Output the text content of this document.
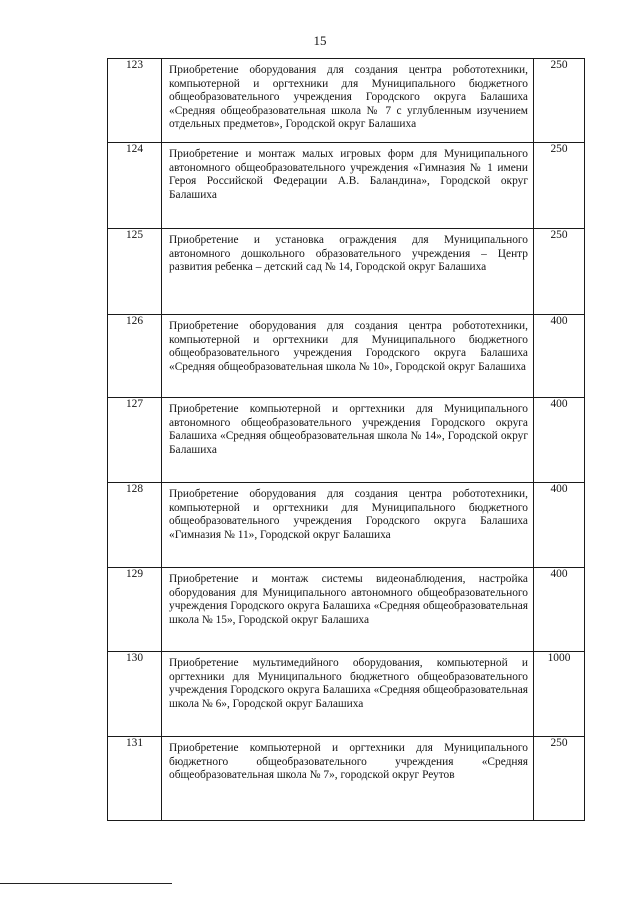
15
123	Приобретение оборудования для создания центра робототехники, компьютерной и оргтехники для Муниципального бюджетного общеобразовательного учреждения Городского округа Балашиха «Средняя общеобразовательная школа № 7 с углубленным изучением отдельных предметов», Городской округ Балашиха	250
124	Приобретение и монтаж малых игровых форм для Муниципального автономного общеобразовательного учреждения «Гимназия № 1 имени Героя Российской Федерации А.В. Баландина», Городской округ Балашиха	250
125	Приобретение и установка ограждения для Муниципального автономного дошкольного образовательного учреждения – Центр развития ребенка – детский сад № 14, Городской округ Балашиха	250
126	Приобретение оборудования для создания центра робототехники, компьютерной и оргтехники для Муниципального бюджетного общеобразовательного учреждения Городского округа Балашиха «Средняя общеобразовательная школа № 10», Городской округ Балашиха	400
127	Приобретение компьютерной и оргтехники для Муниципального автономного общеобразовательного учреждения Городского округа Балашиха «Средняя общеобразовательная школа № 14», Городской округ Балашиха	400
128	Приобретение оборудования для создания центра робототехники, компьютерной и оргтехники для Муниципального бюджетного общеобразовательного учреждения Городского округа Балашиха «Гимназия № 11», Городской округ Балашиха	400
129	Приобретение и монтаж системы видеонаблюдения, настройка оборудования для Муниципального автономного общеобразовательного учреждения Городского округа Балашиха «Средняя общеобразовательная школа № 15», Городской округ Балашиха	400
130	Приобретение мультимедийного оборудования, компьютерной и оргтехники для Муниципального бюджетного общеобразовательного учреждения Городского округа Балашиха «Средняя общеобразовательная школа № 6», Городской округ Балашиха	1000
131	Приобретение компьютерной и оргтехники для Муниципального бюджетного общеобразовательного учреждения «Средняя общеобразовательная школа № 7», городской округ Реутов	250
